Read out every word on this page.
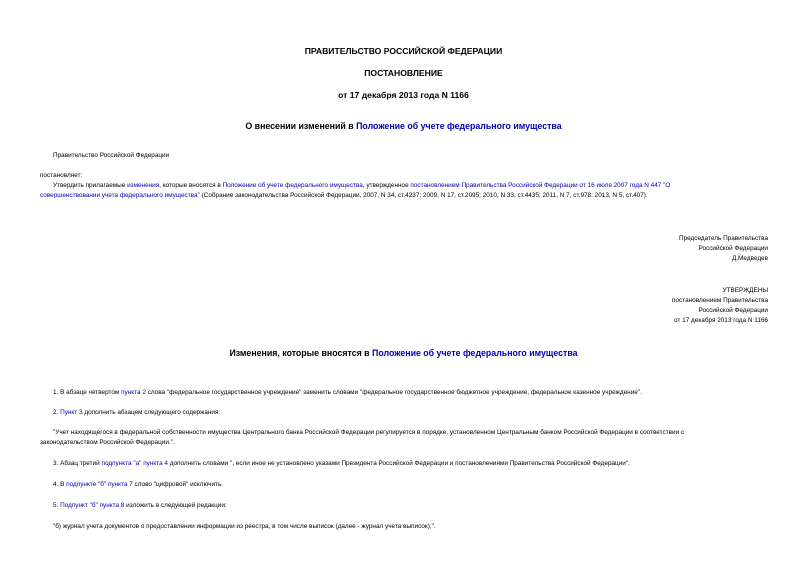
ПРАВИТЕЛЬСТВО РОССИЙСКОЙ ФЕДЕРАЦИИ
ПОСТАНОВЛЕНИЕ
от 17 декабря 2013 года N 1166
О внесении изменений в Положение об учете федерального имущества
Правительство Российской Федерации
постановляет:
Утвердить прилагаемые изменения, которые вносятся в Положение об учете федерального имущества, утвержденное постановлением Правительства Российской Федерации от 16 июля 2007 года N 447 "О
совершенствовании учета федерального имущества" (Собрание законодательства Российской Федерации, 2007, N 34, ст.4237; 2009, N 17, ст.2095; 2010, N 33, ст.4435; 2011, N 7, ст.978; 2013, N 5, ст.407).
Председатель Правительства
Российской Федерации
Д.Медведев
УТВЕРЖДЕНЫ
постановлением Правительства
Российской Федерации
от 17 декабря 2013 года N 1166
Изменения, которые вносятся в Положение об учете федерального имущества
1. В абзаце четвертом пункта 2 слова "федеральное государственное учреждение" заменить словами "федеральное государственное бюджетное учреждение, федеральное казенное учреждение".
2. Пункт 3 дополнить абзацем следующего содержания:
"Учет находящегося в федеральной собственности имущества Центрального банка Российской Федерации регулируется в порядке, установленном Центральным банком Российской Федерации в соответствии с
законодательством Российской Федерации.".
3. Абзац третий подпункта "а" пункта 4 дополнить словами ", если иное не установлено указами Президента Российской Федерации и постановлениями Правительства Российской Федерации".
4. В подпункте "б" пункта 7 слово "цифровой" исключить.
5. Подпункт "б" пункта 8 изложить в следующей редакции:
"б) журнал учета документов о предоставлении информации из реестра, в том числе выписок (далее - журнал учета выписок);".
